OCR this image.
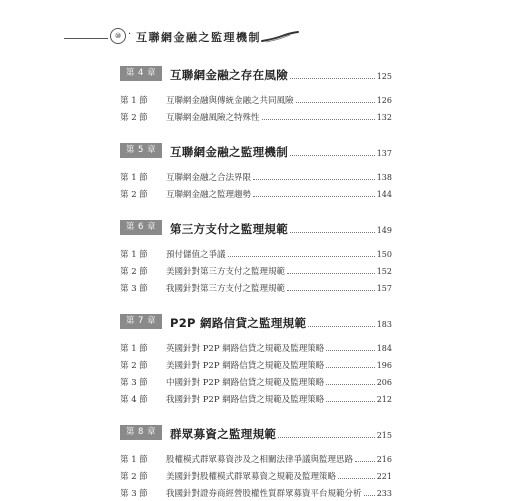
⑩ · 互聯網金融之監理機制
第 4 章	互聯網金融之存在風險	125
第 1 節	互聯網金融與傳統金融之共同風險	126
第 2 節	互聯網金融風險之特殊性	132
第 5 章	互聯網金融之監理機制	137
第 1 節	互聯網金融之合法界限	138
第 2 節	互聯網金融之監理趨勢	144
第 6 章	第三方支付之監理規範	149
第 1 節	預付儲值之爭議	150
第 2 節	美國針對第三方支付之監理規範	152
第 3 節	我國針對第三方支付之監理規範	157
第 7 章	P2P 網路信貸之監理規範	183
第 1 節	英國針對 P2P 網路信貸之規範及監理策略	184
第 2 節	美國針對 P2P 網路信貸之規範及監理策略	196
第 3 節	中國針對 P2P 網路信貸之規範及監理策略	206
第 4 節	我國針對 P2P 網路信貸之規範及監理策略	212
第 8 章	群眾募資之監理規範	215
第 1 節	股權模式群眾募資涉及之相關法律爭議與監理思路	216
第 2 節	美國針對股權模式群眾募資之規範及監理策略	221
第 3 節	我國針對證券商經營股權性質群眾募資平台規範分析 233
